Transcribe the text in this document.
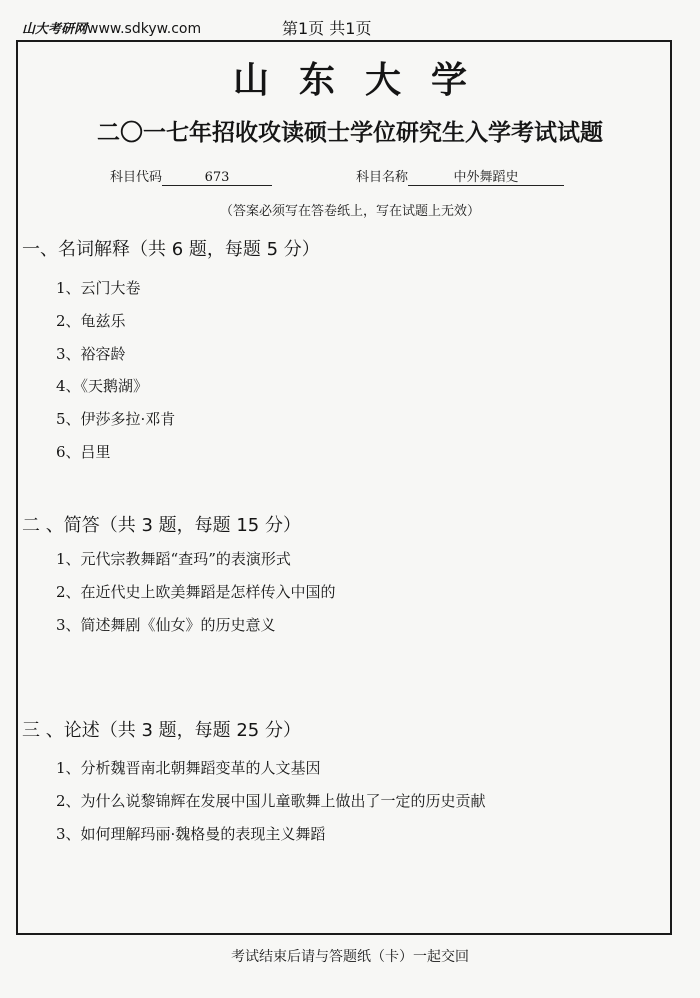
山大考研网www.sdkyw.com	第1页 共1页
山东大学
二〇一七年招收攻读硕士学位研究生入学考试试题
科目代码	673	科目名称	中外舞蹈史
（答案必须写在答卷纸上，写在试题上无效）
一、名词解释（共 6 题，每题 5 分）
1、云门大卷
2、龟兹乐
3、裕容龄
4、《天鹅湖》
5、伊莎多拉·邓肯
6、吕里
二 、简答（共 3 题，每题 15 分）
1、元代宗教舞蹈“查玛”的表演形式
2、在近代史上欧美舞蹈是怎样传入中国的
3、简述舞剧《仙女》的历史意义
三 、论述（共 3 题，每题 25 分）
1、分析魏晋南北朝舞蹈变革的人文基因
2、为什么说黎锦辉在发展中国儿童歌舞上做出了一定的历史贡献
3、如何理解玛丽·魏格曼的表现主义舞蹈
考试结束后请与答题纸（卡）一起交回
